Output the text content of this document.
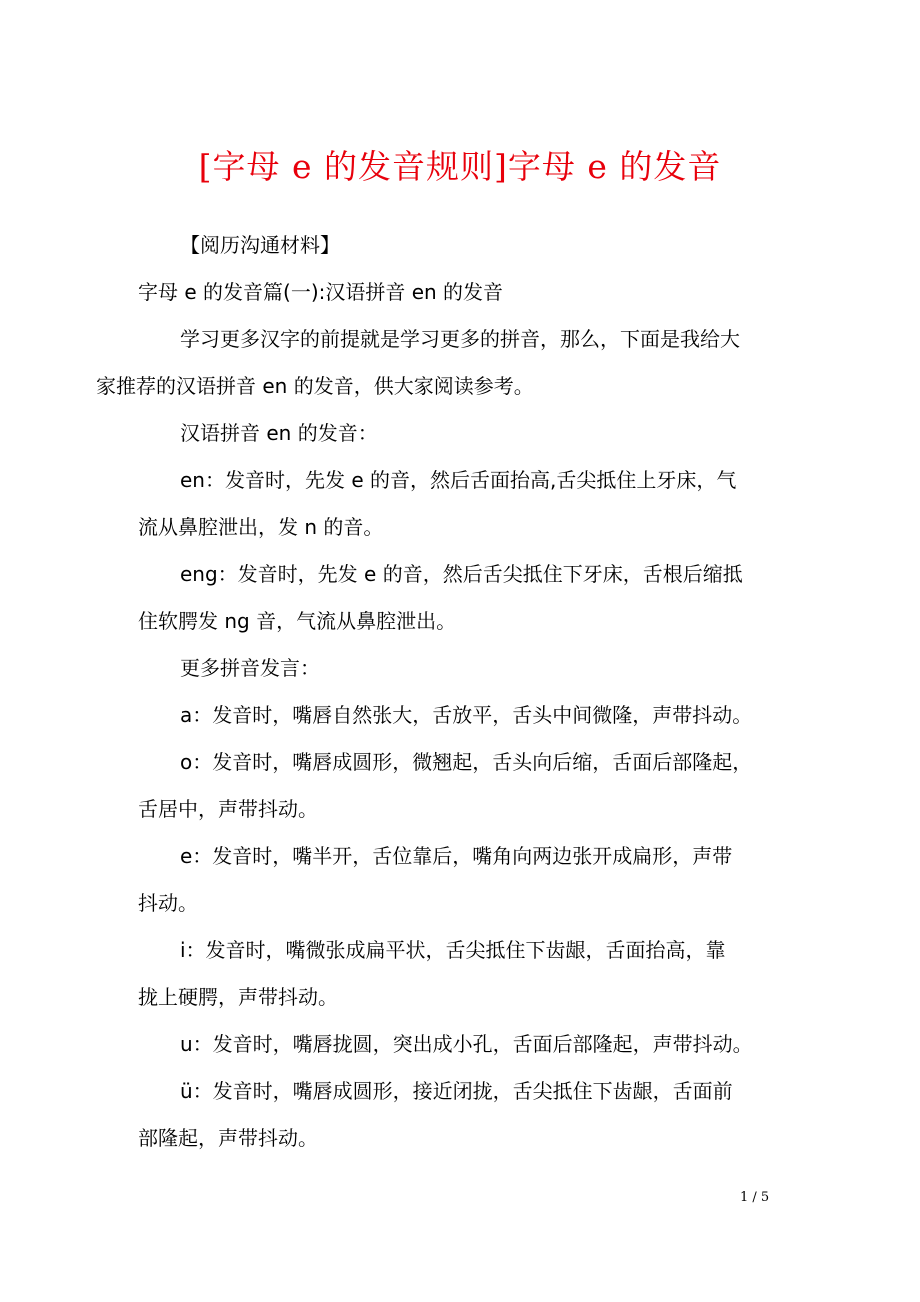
[字母 e 的发音规则]字母 e 的发音

【阅历沟通材料】

字母 e 的发音篇(一):汉语拼音 en 的发音

学习更多汉字的前提就是学习更多的拼音，那么，下面是我给大
家推荐的汉语拼音 en 的发音，供大家阅读参考。

汉语拼音 en 的发音：

en：发音时，先发 e 的音，然后舌面抬高,舌尖抵住上牙床，气
流从鼻腔泄出，发 n 的音。

eng：发音时，先发 e 的音，然后舌尖抵住下牙床，舌根后缩抵
住软腭发 ng 音，气流从鼻腔泄出。

更多拼音发言：

a：发音时，嘴唇自然张大，舌放平，舌头中间微隆，声带抖动。

o：发音时，嘴唇成圆形，微翘起，舌头向后缩，舌面后部隆起，
舌居中，声带抖动。

e：发音时，嘴半开，舌位靠后，嘴角向两边张开成扁形，声带
抖动。

i：发音时，嘴微张成扁平状，舌尖抵住下齿龈，舌面抬高，靠
拢上硬腭，声带抖动。

u：发音时，嘴唇拢圆，突出成小孔，舌面后部隆起，声带抖动。

ü：发音时，嘴唇成圆形，接近闭拢，舌尖抵住下齿龈，舌面前
部隆起，声带抖动。

1 / 5
